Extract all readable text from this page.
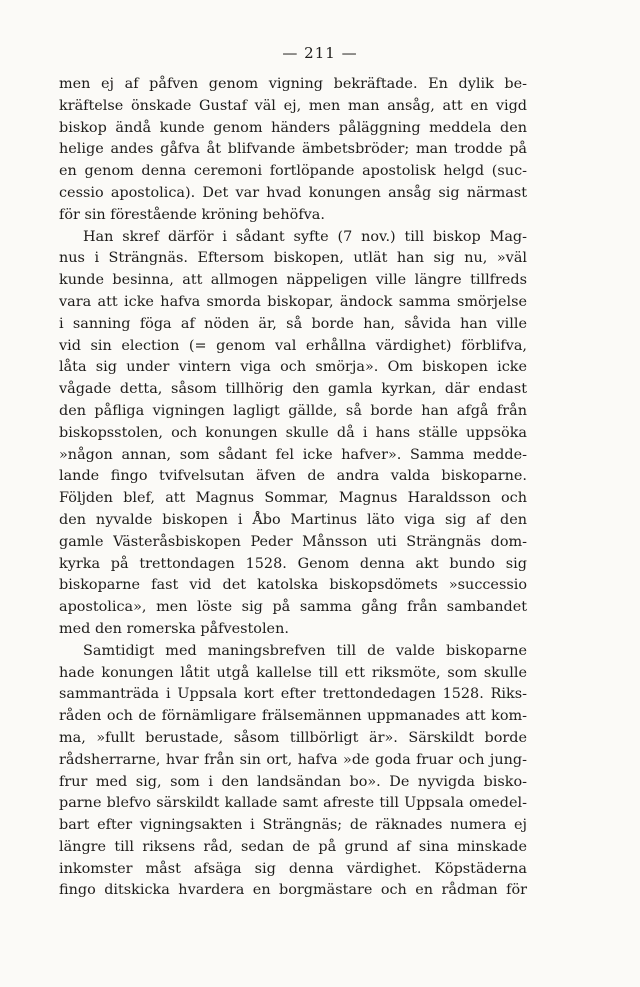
— 211 —
men ej af påfven genom vigning bekräftade. En dylik be-
kräftelse önskade Gustaf väl ej, men man ansåg, att en vigd
biskop ändå kunde genom händers påläggning meddela den
helige andes gåfva åt blifvande ämbetsbröder; man trodde på
en genom denna ceremoni fortlöpande apostolisk helgd (suc-
cessio apostolica). Det var hvad konungen ansåg sig närmast
för sin förestående kröning behöfva.
Han skref därför i sådant syfte (7 nov.) till biskop Mag-
nus i Strängnäs. Eftersom biskopen, utlät han sig nu, »väl
kunde besinna, att allmogen näppeligen ville längre tillfreds
vara att icke hafva smorda biskopar, ändock samma smörjelse
i sanning föga af nöden är, så borde han, såvida han ville
vid sin election (= genom val erhållna värdighet) förblifva,
låta sig under vintern viga och smörja». Om biskopen icke
vågade detta, såsom tillhörig den gamla kyrkan, där endast
den påfliga vigningen lagligt gällde, så borde han afgå från
biskopsstolen, och konungen skulle då i hans ställe uppsöka
»någon annan, som sådant fel icke hafver». Samma medde-
lande fingo tvifvelsutan äfven de andra valda biskoparne.
Följden blef, att Magnus Sommar, Magnus Haraldsson och
den nyvalde biskopen i Åbo Martinus läto viga sig af den
gamle Västeråsbiskopen Peder Månsson uti Strängnäs dom-
kyrka på trettondagen 1528. Genom denna akt bundo sig
biskoparne fast vid det katolska biskopsdömets »successio
apostolica», men löste sig på samma gång från sambandet
med den romerska påfvestolen.
Samtidigt med maningsbrefven till de valde biskoparne
hade konungen låtit utgå kallelse till ett riksmöte, som skulle
sammanträda i Uppsala kort efter trettondedagen 1528. Riks-
råden och de förnämligare frälsemännen uppmanades att kom-
ma, »fullt berustade, såsom tillbörligt är». Särskildt borde
rådsherrarne, hvar från sin ort, hafva »de goda fruar och jung-
frur med sig, som i den landsändan bo». De nyvigda bisko-
parne blefvo särskildt kallade samt afreste till Uppsala omedel-
bart efter vigningsakten i Strängnäs; de räknades numera ej
längre till riksens råd, sedan de på grund af sina minskade
inkomster måst afsäga sig denna värdighet. Köpstäderna
fingo ditskicka hvardera en borgmästare och en rådman för
